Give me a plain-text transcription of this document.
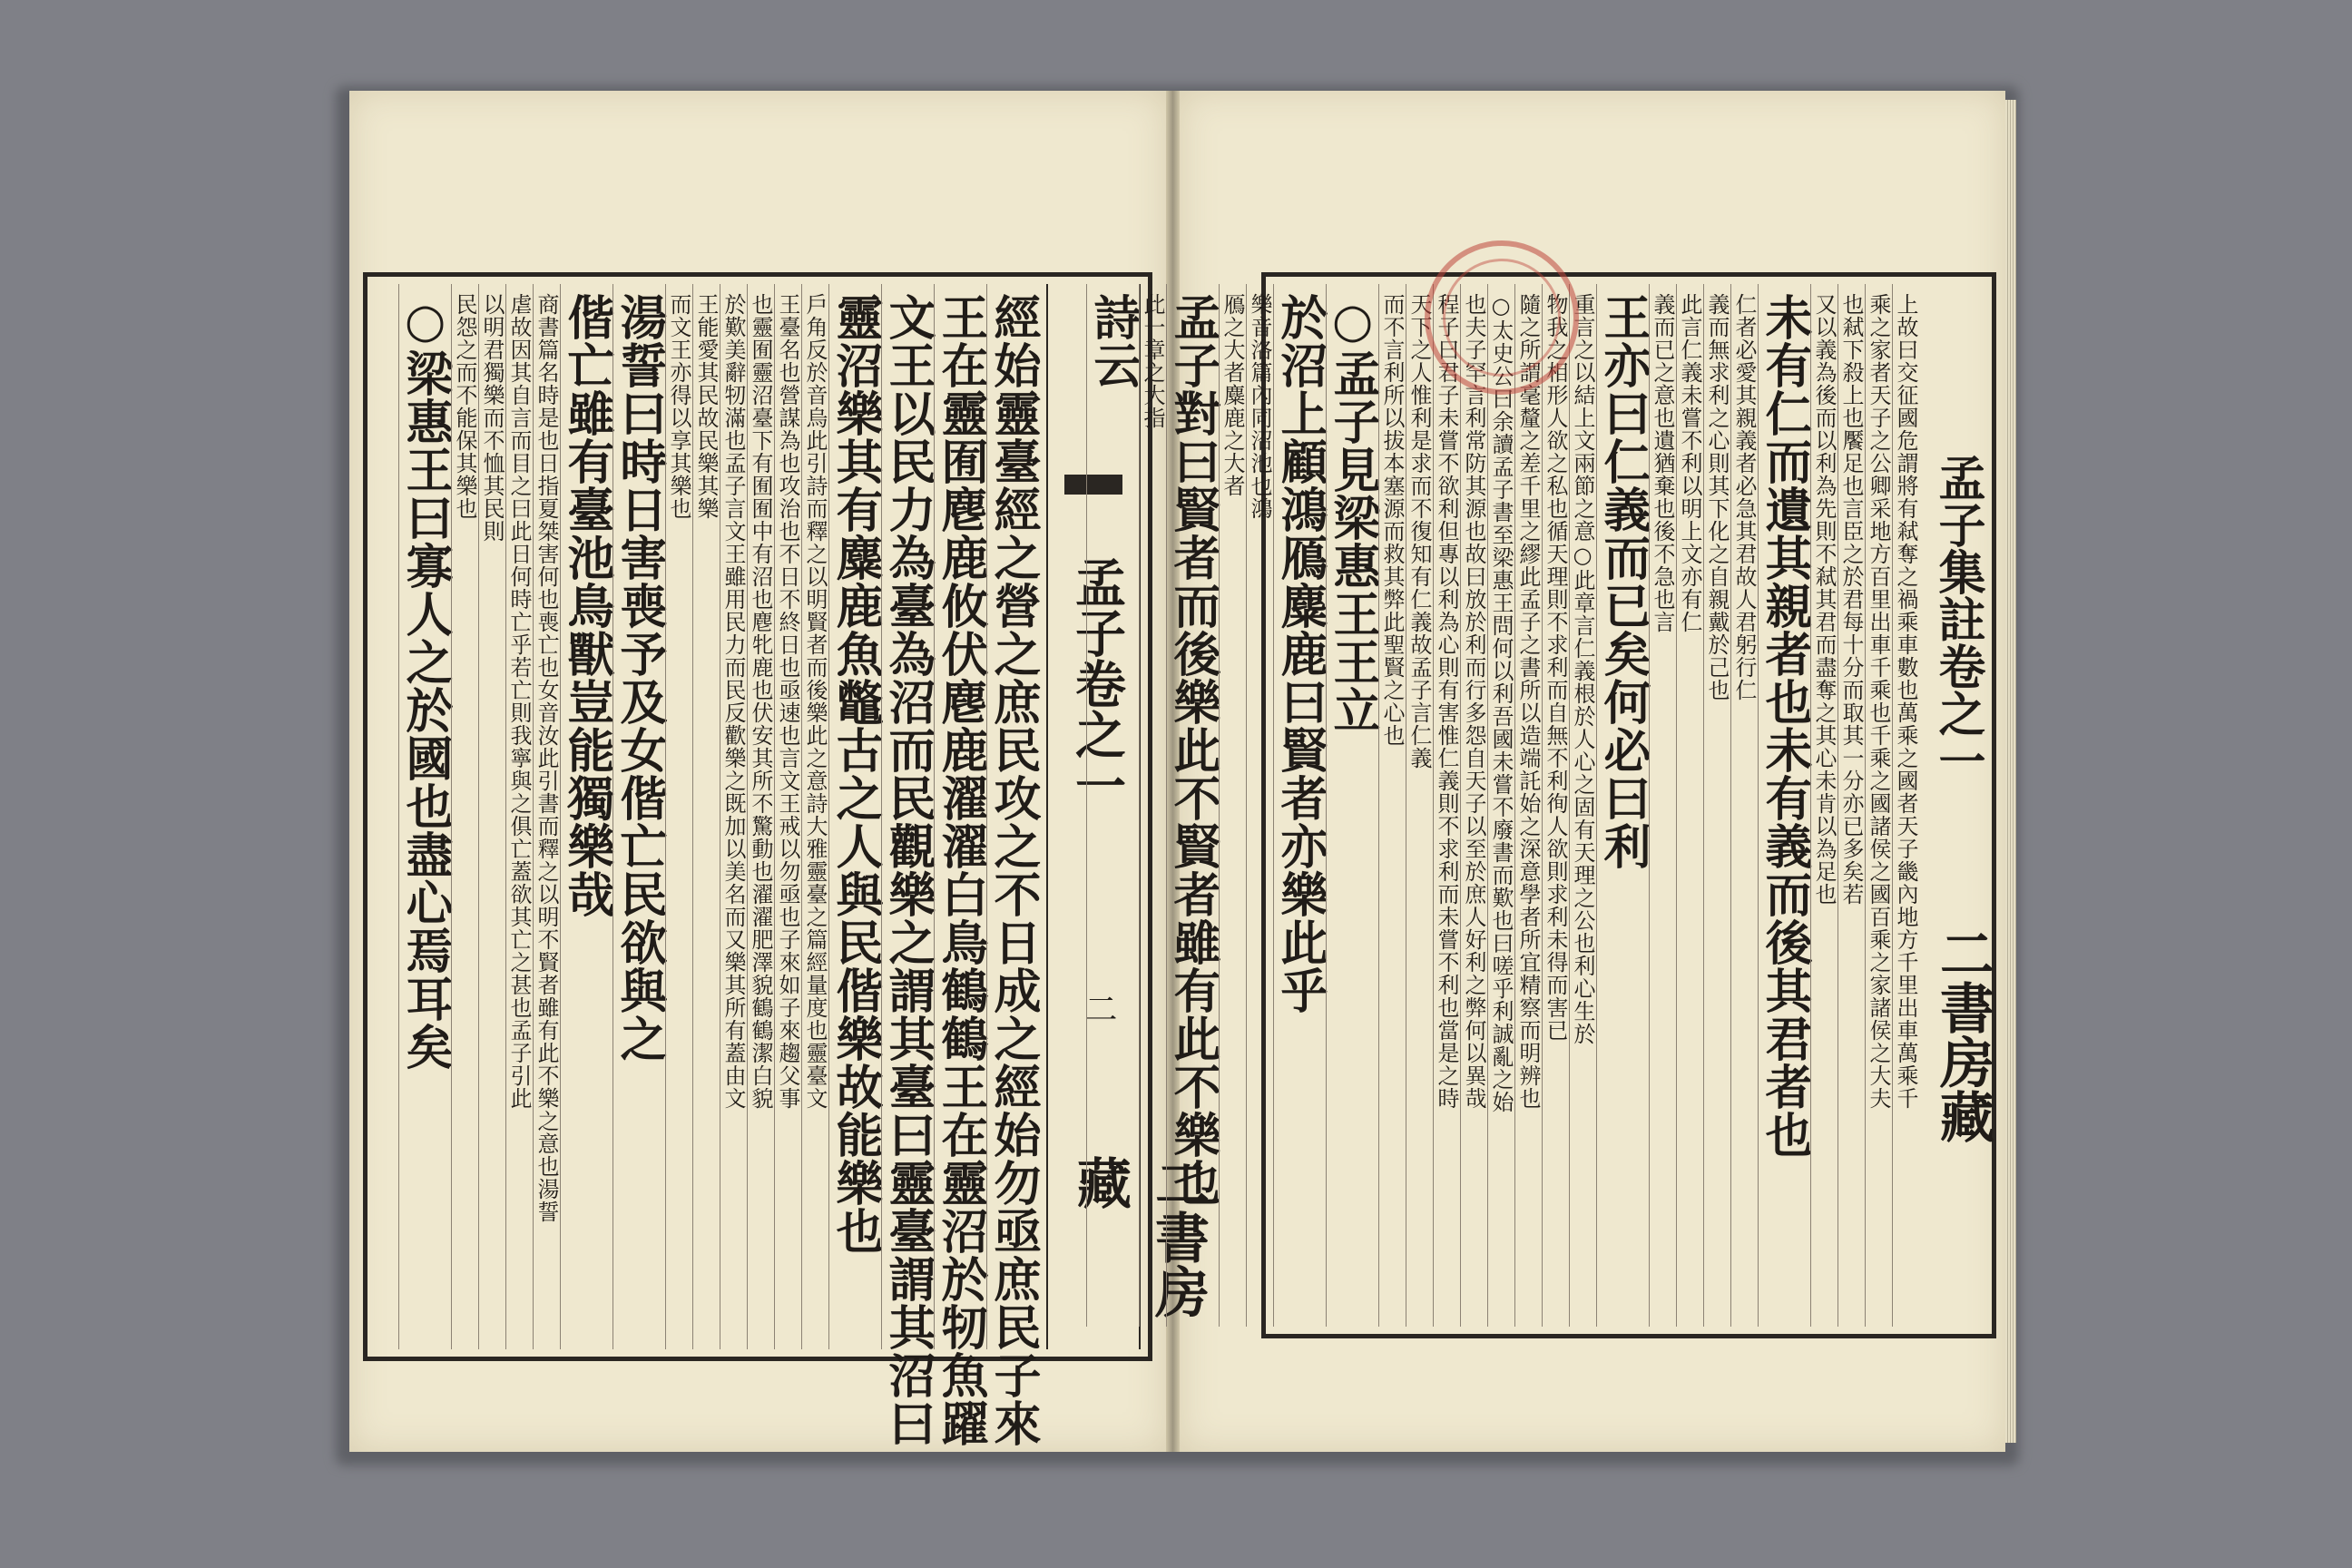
孟子卷之一
二
二書房藏
經始靈臺經之營之庶民攻之不日成之經始勿亟庶民子來
王在靈囿麀鹿攸伏麀鹿濯濯白鳥鶴鶴王在靈沼於牣魚躍
文王以民力為臺為沼而民觀樂之謂其臺曰靈臺謂其沼曰
靈沼樂其有麋鹿魚鼈古之人與民偕樂故能樂也
戶角反於音烏此引詩而釋之以明賢者而後樂此之意詩大雅靈臺之篇經量度也靈臺文
王臺名也營謀為也攻治也不日不終日也亟速也言文王戒以勿亟也子來如子來趨父事
也靈囿靈沼臺下有囿囿中有沼也麀牝鹿也伏安其所不驚動也濯濯肥澤貌鶴鶴潔白貌
於歎美辭牣滿也孟子言文王雖用民力而民反歡樂之既加以美名而又樂其所有蓋由文
王能愛其民故民樂其樂
而文王亦得以享其樂也
湯誓曰時日害喪予及女偕亡民欲與之
偕亡雖有臺池鳥獸豈能獨樂哉
商書篇名時是也日指夏桀害何也喪亡也女音汝此引書而釋之以明不賢者雖有此不樂之意也湯誓
虐故因其自言而目之曰此日何時亡乎若亡則我寧與之俱亡蓋欲其亡之甚也孟子引此
以明君獨樂而不恤其民則
民怨之而不能保其樂也
○梁惠王曰寡人之於國也盡心焉耳矣	上故曰交征國危謂將有弒奪之禍乘車數也萬乘之國者天子畿內地方千里出車萬乘千
乘之家者天子之公卿采地方百里出車千乘也千乘之國諸侯之國百乘之家諸侯之大夫
也弒下殺上也饜足也言臣之於君每十分而取其一分亦已多矣若
又以義為後而以利為先則不弒其君而盡奪之其心未肯以為足也
未有仁而遺其親者也未有義而後其君者也
仁者必愛其親義者必急其君故人君躬行仁
義而無求利之心則其下化之自親戴於己也
此言仁義未嘗不利以明上文亦有仁
義而已之意也遺猶棄也後不急也言
王亦曰仁義而已矣何必曰利
重言之以結上文兩節之意○此章言仁義根於人心之固有天理之公也利心生於
物我之相形人欲之私也循天理則不求利而自無不利徇人欲則求利未得而害已
隨之所謂毫釐之差千里之繆此孟子之書所以造端託始之深意學者所宜精察而明辨也
○太史公曰余讀孟子書至梁惠王問何以利吾國未嘗不廢書而歎也曰嗟乎利誠亂之始
也夫子罕言利常防其源也故曰放於利而行多怨自天子以至於庶人好利之弊何以異哉
程子曰君子未嘗不欲利但專以利為心則有害惟仁義則不求利而未嘗不利也當是之時
天下之人惟利是求而不復知有仁義故孟子言仁義
而不言利所以拔本塞源而救其弊此聖賢之心也
○孟子見梁惠王王立
於沼上顧鴻鴈麋鹿曰賢者亦樂此乎
樂音洛篇內同沼池也鴻
鴈之大者麋鹿之大者
孟子對曰賢者而後樂此不賢者雖有此不樂也
此一章之大指
詩云
孟子集註卷之一
二書房藏
